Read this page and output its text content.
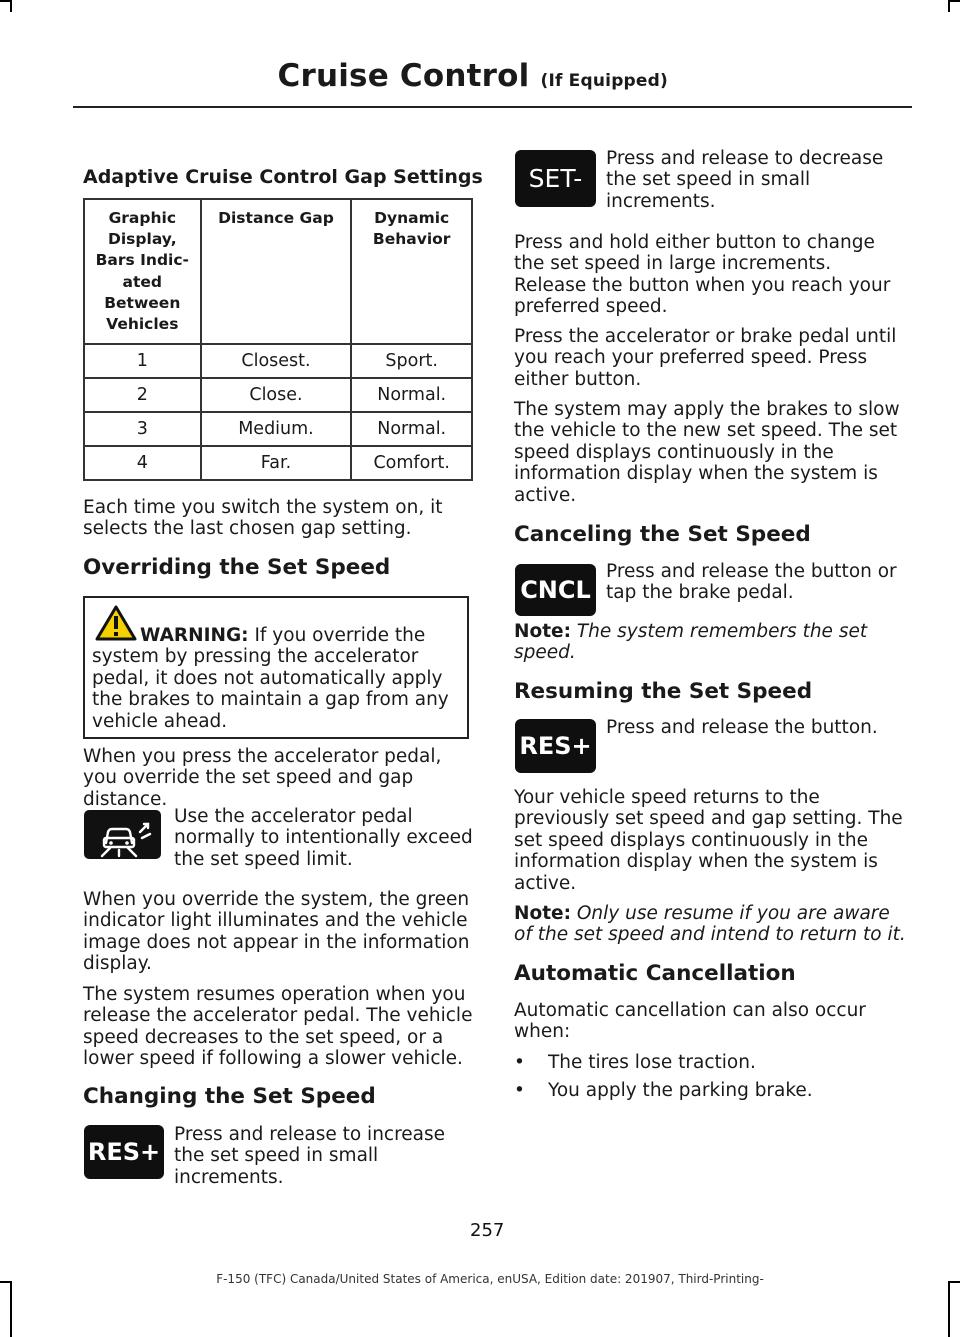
Cruise Control (If Equipped)
Adaptive Cruise Control Gap Settings
Graphic Display, Bars Indic-ated Between Vehicles	Distance Gap	Dynamic Behavior
1	Closest.	Sport.
2	Close.	Normal.
3	Medium.	Normal.
4	Far.	Comfort.

Each time you switch the system on, it selects the last chosen gap setting.

Overriding the Set Speed

WARNING: If you override the system by pressing the accelerator pedal, it does not automatically apply the brakes to maintain a gap from any vehicle ahead.

When you press the accelerator pedal, you override the set speed and gap distance.

Use the accelerator pedal normally to intentionally exceed the set speed limit.

When you override the system, the green indicator light illuminates and the vehicle image does not appear in the information display.

The system resumes operation when you release the accelerator pedal. The vehicle speed decreases to the set speed, or a lower speed if following a slower vehicle.

Changing the Set Speed
RES+

Press and release to increase the set speed in small increments.

SET-

Press and release to decrease the set speed in small increments.

Press and hold either button to change the set speed in large increments. Release the button when you reach your preferred speed.

Press the accelerator or brake pedal until you reach your preferred speed. Press either button.

The system may apply the brakes to slow the vehicle to the new set speed. The set speed displays continuously in the information display when the system is active.

Canceling the Set Speed
CNCL

Press and release the button or tap the brake pedal.

Note: The system remembers the set speed.

Resuming the Set Speed
RES+

Press and release the button.

Your vehicle speed returns to the previously set speed and gap setting. The set speed displays continuously in the information display when the system is active.

Note: Only use resume if you are aware of the set speed and intend to return to it.

Automatic Cancellation

Automatic cancellation can also occur when:

• The tires lose traction.
• You apply the parking brake.
257
F-150 (TFC) Canada/United States of America, enUSA, Edition date: 201907, Third-Printing-
